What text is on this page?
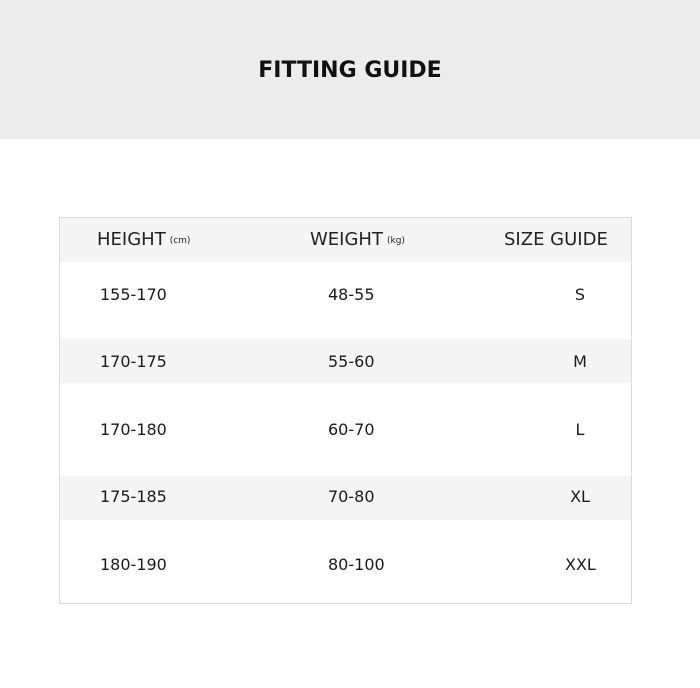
FITTING GUIDE
HEIGHT (cm)	WEIGHT (kg)	SIZE GUIDE
155-170	48-55	S
170-175	55-60	M
170-180	60-70	L
175-185	70-80	XL
180-190	80-100	XXL
